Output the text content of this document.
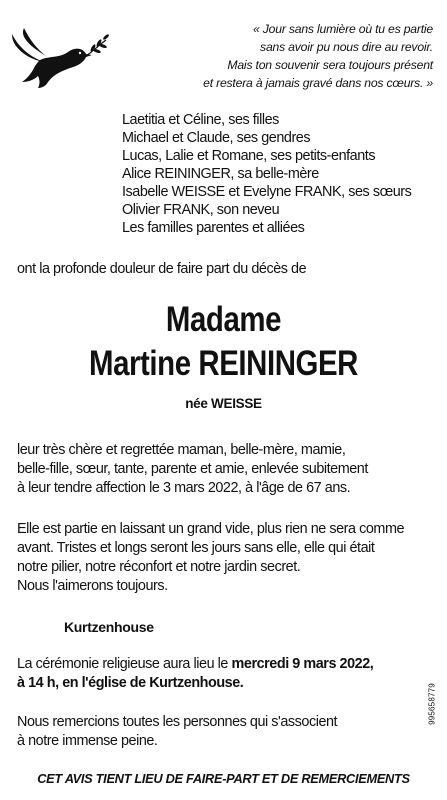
« Jour sans lumière où tu es partie
sans avoir pu nous dire au revoir.
Mais ton souvenir sera toujours présent
et restera à jamais gravé dans nos cœurs. »
Laetitia et Céline, ses filles
Michael et Claude, ses gendres
Lucas, Lalie et Romane, ses petits-enfants
Alice REININGER, sa belle-mère
Isabelle WEISSE et Evelyne FRANK, ses sœurs
Olivier FRANK, son neveu
Les familles parentes et alliées
ont la profonde douleur de faire part du décès de
Madame
Martine REININGER
née WEISSE
leur très chère et regrettée maman, belle-mère, mamie,
belle-fille, sœur, tante, parente et amie, enlevée subitement
à leur tendre affection le 3 mars 2022, à l'âge de 67 ans.
Elle est partie en laissant un grand vide, plus rien ne sera comme
avant. Tristes et longs seront les jours sans elle, elle qui était
notre pilier, notre réconfort et notre jardin secret.
Nous l'aimerons toujours.
Kurtzenhouse
La cérémonie religieuse aura lieu le mercredi 9 mars 2022,
à 14 h, en l'église de Kurtzenhouse.
Nous remercions toutes les personnes qui s'associent
à notre immense peine.
995658779
CET AVIS TIENT LIEU DE FAIRE-PART ET DE REMERCIEMENTS
